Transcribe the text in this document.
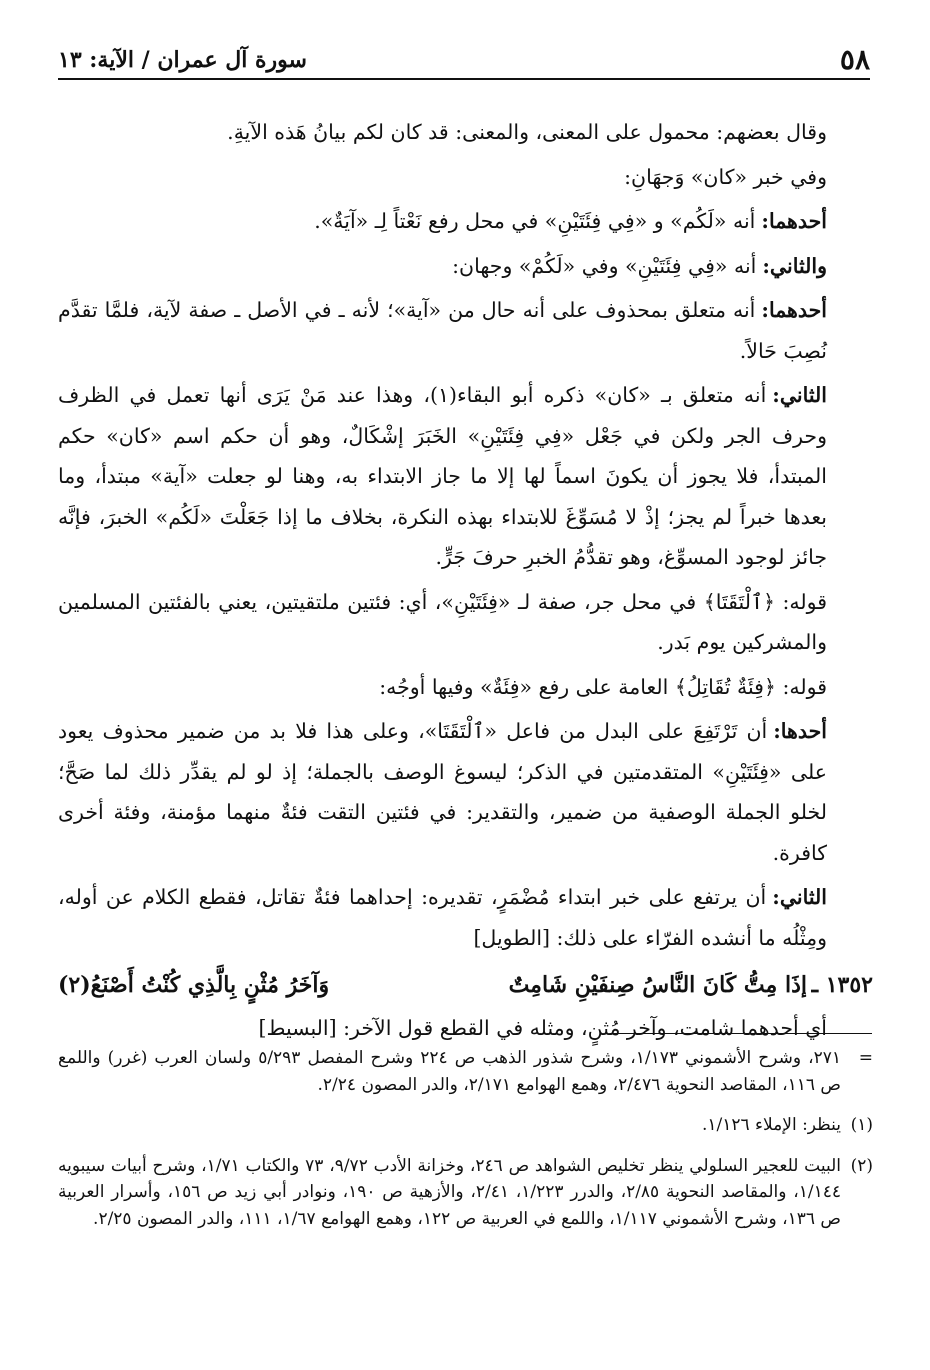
٥٨
سورة آل عمران / الآية: ١٣

وقال بعضهم: محمول على المعنى، والمعنى: قد كان لكم بيانُ هَذه الآيةِ.

وفي خبر «كان» وَجهَانِ:

أحدهما:أنه «لَكُم» و «فِي فِئَتَيْنِ» في محل رفع نَعْتاً لِـ «آيَةٌ».

والثاني:أنه «فِي فِئَتَيْنِ» وفي «لَكُمْ» وجهان:

أحدهما:أنه متعلق بمحذوف على أنه حال من «آية»؛ لأنه ـ في الأصل ـ صفة لآية، فلمَّا تقدَّم نُصِبَ حَالاً.

الثاني:أنه متعلق بـ «كان» ذكره أبو البقاء(١)، وهذا عند مَنْ يَرَى أنها تعمل في الظرف وحرف الجر ولكن في جَعْل «فِي فِئَتَيْنِ» الخَبَرَ إشْكَالٌ، وهو أن حكم اسم «كان» حكم المبتدأ، فلا يجوز أن يكونَ اسماً لها إلا ما جاز الابتداء به، وهنا لو جعلت «آية» مبتدأ، وما بعدها خبراً لم يجز؛ إذْ لا مُسَوِّغَ للابتداء بهذه النكرة، بخلاف ما إذا جَعَلْتَ «لَكُم» الخبرَ، فإنَّه جائز لوجود المسوِّغ، وهو تقدُّمُ الخبرِ حرفَ جَرٍّ.

قوله: ﴿ٱلْتَقَتَا﴾ في محل جر، صفة لـ «فِئَتَيْنِ»، أي: فئتين ملتقيتين، يعني بالفئتين المسلمين والمشركين يوم بَدر.

قوله: ﴿فِئَةٌ تُقَاتِلُ﴾ العامة على رفع «فِئَةٌ» وفيها أوجُه:

أحدها:أن تَرْتَفِعَ على البدل من فاعل «ٱلْتَقَتَا»، وعلى هذا فلا بد من ضمير محذوف يعود على «فِئَتَيْنِ» المتقدمتين في الذكر؛ ليسوغ الوصف بالجملة؛ إذ لو لم يقدِّر ذلك لما صَحَّ؛ لخلو الجملة الوصفية من ضمير، والتقدير: في فئتين التقت فئةٌ منهما مؤمنة، وفئة أخرى كافرة.

الثاني:أن يرتفع على خبر ابتداء مُضْمَرٍ، تقديره: إحداهما فئةٌ تقاتل، فقطع الكلام عن أوله، ومِثْلُه ما أنشده الفرّاء على ذلك: [الطويل]

١٣٥٢ ـ
إذَا مِتُّ كَانَ النَّاسُ صِنفَيْنِ شَامِتٌ
وَآخَرُ مُثْنٍ بِالَّذِي كُنْتُ أَصْنَعُ(٢)

أي أحدهما شامت، وآخر مُثنٍ، ومثله في القطع قول الآخر: [البسيط]

=
٢٧١، وشرح الأشموني ١/١٧٣، وشرح شذور الذهب ص ٢٢٤ وشرح المفصل ٥/٢٩٣ ولسان العرب (غرر) واللمع ص ١١٦، المقاصد النحوية ٢/٤٧٦، وهمع الهوامع ٢/١٧١، والدر المصون ٢/٢٤.

(١)
ينظر: الإملاء ١/١٢٦.

(٢)
البيت للعجير السلولي ينظر تخليص الشواهد ص ٢٤٦، وخزانة الأدب ٩/٧٢، ٧٣ والكتاب ١/٧١، وشرح أبيات سيبويه ١/١٤٤، والمقاصد النحوية ٢/٨٥، والدرر ١/٢٢٣، ٢/٤١، والأزهية ص ١٩٠، ونوادر أبي زيد ص ١٥٦، وأسرار العربية ص ١٣٦، وشرح الأشموني ١/١١٧، واللمع في العربية ص ١٢٢، وهمع الهوامع ١/٦٧، ١١١، والدر المصون ٢/٢٥.
